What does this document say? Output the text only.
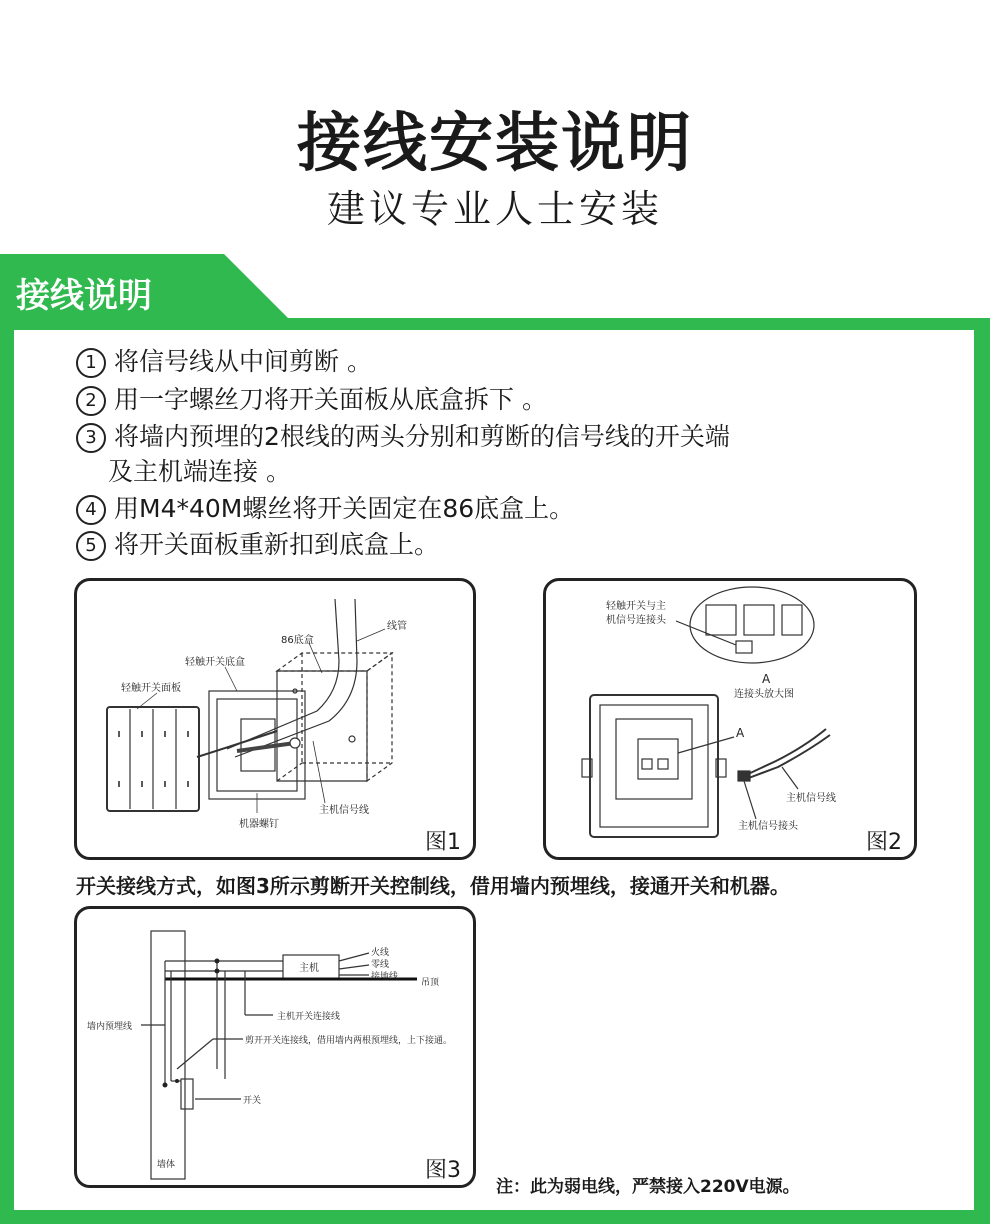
接线安装说明
建议专业人士安装
接线说明
1 将信号线从中间剪断 。
2 用一字螺丝刀将开关面板从底盒拆下 。
3 将墙内预埋的2根线的两头分别和剪断的信号线的开关端
及主机端连接 。
4 用M4*40M螺丝将开关固定在86底盒上。
5 将开关面板重新扣到底盒上。
86底盒
线管
轻触开关底盒
轻触开关面板
主机信号线
机器螺钉
图1
轻触开关与主
机信号连接头
A
连接头放大图
A
主机信号线
主机信号接头
图2
开关接线方式，如图3所示剪断开关控制线，借用墙内预埋线，接通开关和机器。
主机
火线
零线
接地线
吊顶
墙内预埋线
主机开关连接线
剪开开关连接线，借用墙内两根预埋线，上下接通。
开关
墙体	图3
注：此为弱电线，严禁接入220V电源。
